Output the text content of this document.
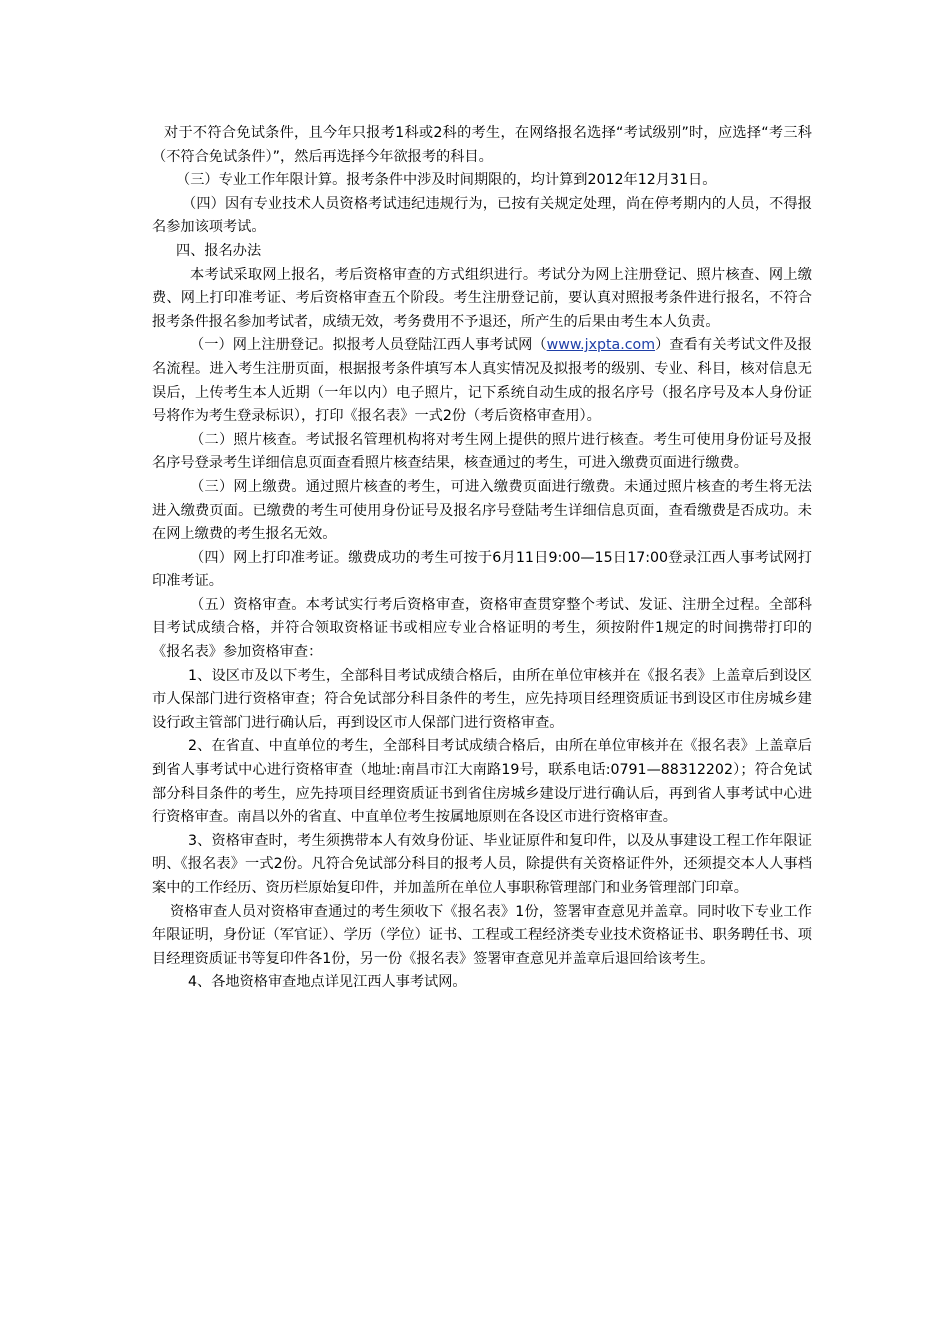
对于不符合免试条件，且今年只报考1科或2科的考生，在网络报名选择“考试级别”时，应选择“考三科（不符合免试条件）”，然后再选择今年欲报考的科目。

（三）专业工作年限计算。报考条件中涉及时间期限的，均计算到2012年12月31日。

（四）因有专业技术人员资格考试违纪违规行为，已按有关规定处理，尚在停考期内的人员，不得报名参加该项考试。

四、报名办法

本考试采取网上报名，考后资格审查的方式组织进行。考试分为网上注册登记、照片核查、网上缴费、网上打印准考证、考后资格审查五个阶段。考生注册登记前，要认真对照报考条件进行报名，不符合报考条件报名参加考试者，成绩无效，考务费用不予退还，所产生的后果由考生本人负责。

（一）网上注册登记。拟报考人员登陆江西人事考试网（www.jxpta.com）查看有关考试文件及报名流程。进入考生注册页面，根据报考条件填写本人真实情况及拟报考的级别、专业、科目，核对信息无误后，上传考生本人近期（一年以内）电子照片，记下系统自动生成的报名序号（报名序号及本人身份证号将作为考生登录标识），打印《报名表》一式2份（考后资格审查用）。

（二）照片核查。考试报名管理机构将对考生网上提供的照片进行核查。考生可使用身份证号及报名序号登录考生详细信息页面查看照片核查结果，核查通过的考生，可进入缴费页面进行缴费。

（三）网上缴费。通过照片核查的考生，可进入缴费页面进行缴费。未通过照片核查的考生将无法进入缴费页面。已缴费的考生可使用身份证号及报名序号登陆考生详细信息页面，查看缴费是否成功。未在网上缴费的考生报名无效。

（四）网上打印准考证。缴费成功的考生可按于6月11日9:00—15日17:00登录江西人事考试网打印准考证。

（五）资格审查。本考试实行考后资格审查，资格审查贯穿整个考试、发证、注册全过程。全部科目考试成绩合格，并符合领取资格证书或相应专业合格证明的考生，须按附件1规定的时间携带打印的《报名表》参加资格审查：

1、设区市及以下考生，全部科目考试成绩合格后，由所在单位审核并在《报名表》上盖章后到设区市人保部门进行资格审查；符合免试部分科目条件的考生，应先持项目经理资质证书到设区市住房城乡建设行政主管部门进行确认后，再到设区市人保部门进行资格审查。

2、在省直、中直单位的考生，全部科目考试成绩合格后，由所在单位审核并在《报名表》上盖章后到省人事考试中心进行资格审查（地址:南昌市江大南路19号，联系电话:0791—88312202）；符合免试部分科目条件的考生，应先持项目经理资质证书到省住房城乡建设厅进行确认后，再到省人事考试中心进行资格审查。南昌以外的省直、中直单位考生按属地原则在各设区市进行资格审查。

3、资格审查时，考生须携带本人有效身份证、毕业证原件和复印件，以及从事建设工程工作年限证明、《报名表》一式2份。凡符合免试部分科目的报考人员，除提供有关资格证件外，还须提交本人人事档案中的工作经历、资历栏原始复印件，并加盖所在单位人事职称管理部门和业务管理部门印章。

资格审查人员对资格审查通过的考生须收下《报名表》1份，签署审查意见并盖章。同时收下专业工作年限证明，身份证（军官证）、学历（学位）证书、工程或工程经济类专业技术资格证书、职务聘任书、项目经理资质证书等复印件各1份，另一份《报名表》签署审查意见并盖章后退回给该考生。

4、各地资格审查地点详见江西人事考试网。
